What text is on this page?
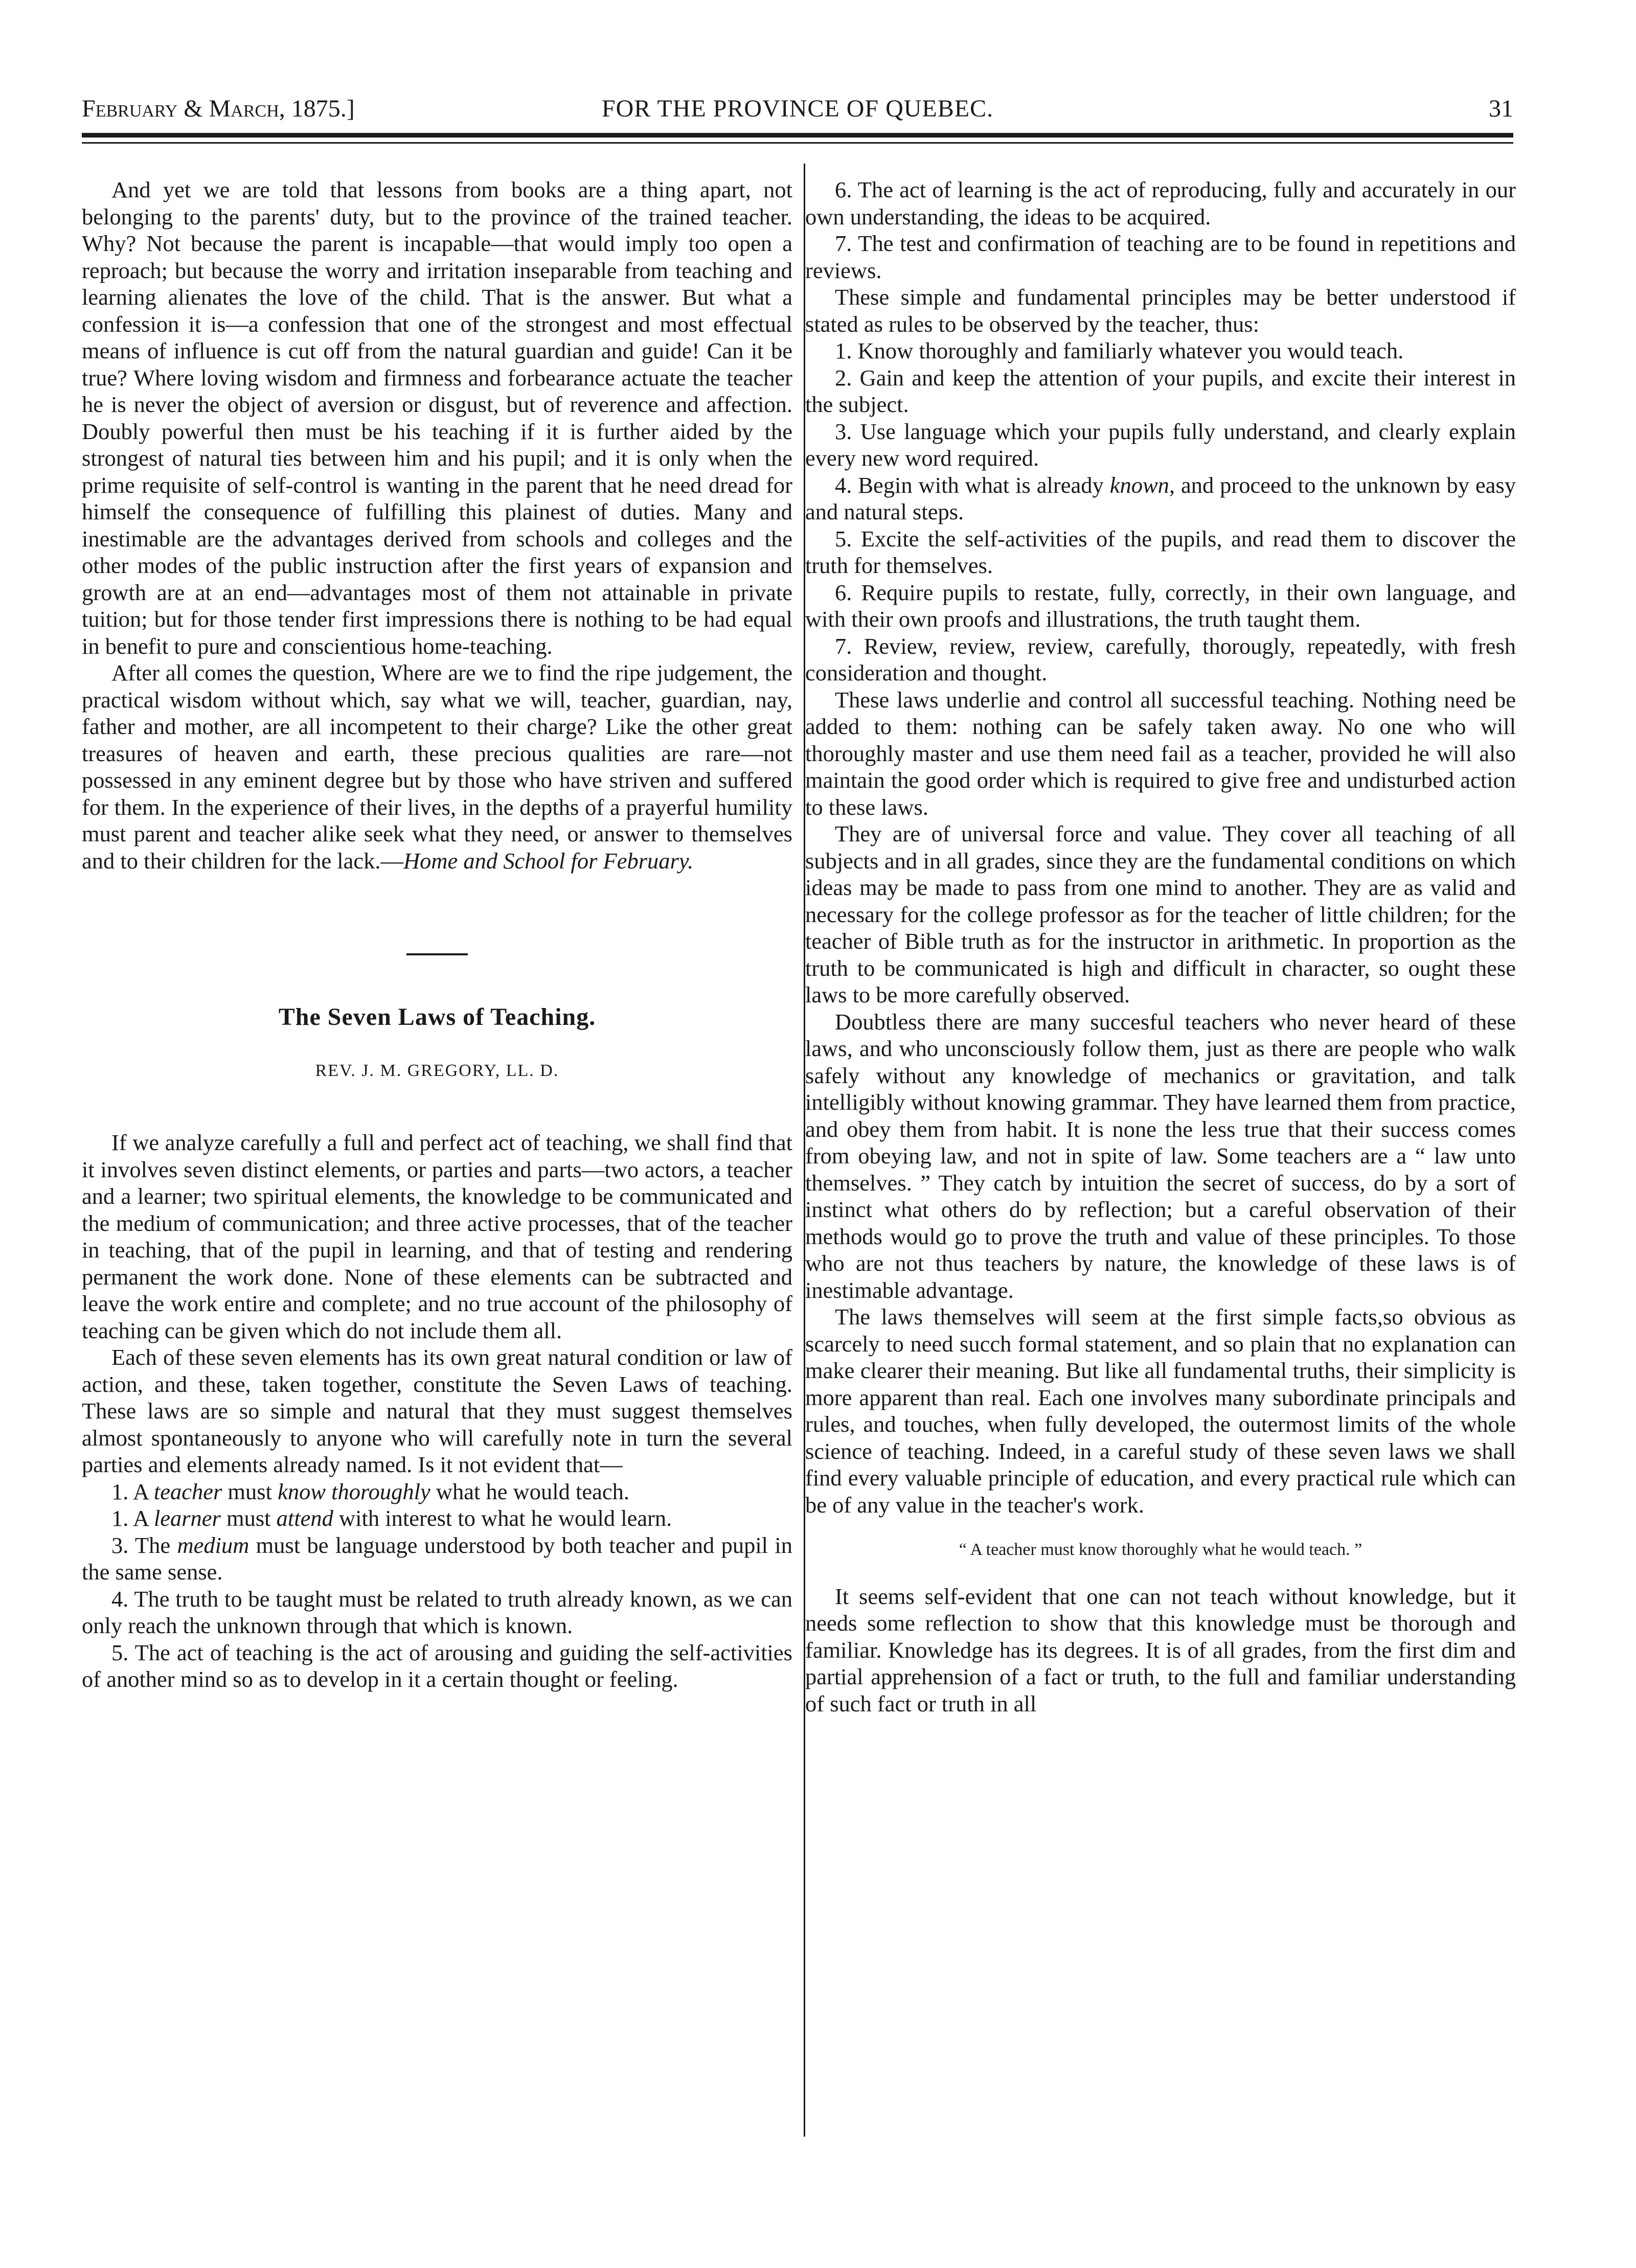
February & March, 1875.]	FOR THE PROVINCE OF QUEBEC.	31

And yet we are told that lessons from books are a thing apart, not belonging to the parents' duty, but to the province of the trained teacher. Why? Not because the parent is incapable—that would imply too open a reproach; but because the worry and irritation inseparable from teaching and learning alienates the love of the child. That is the answer. But what a confession it is—a confession that one of the strongest and most effectual means of influence is cut off from the natural guardian and guide! Can it be true? Where loving wisdom and firmness and forbearance actuate the teacher he is never the object of aversion or disgust, but of reverence and affection. Doubly powerful then must be his teaching if it is further aided by the strongest of natural ties between him and his pupil; and it is only when the prime requisite of self-control is wanting in the parent that he need dread for himself the consequence of fulfilling this plainest of duties. Many and inestimable are the advantages derived from schools and colleges and the other modes of the public instruction after the first years of expansion and growth are at an end—advantages most of them not attainable in private tuition; but for those tender first impressions there is nothing to be had equal in benefit to pure and conscientious home-teaching.

After all comes the question, Where are we to find the ripe judgement, the practical wisdom without which, say what we will, teacher, guardian, nay, father and mother, are all incompetent to their charge? Like the other great treasures of heaven and earth, these precious qualities are rare—not possessed in any eminent degree but by those who have striven and suffered for them. In the experience of their lives, in the depths of a prayerful humility must parent and teacher alike seek what they need, or answer to themselves and to their children for the lack.—Home and School for February.

The Seven Laws of Teaching.

REV. J. M. GREGORY, LL. D.

If we analyze carefully a full and perfect act of teaching, we shall find that it involves seven distinct elements, or parties and parts—two actors, a teacher and a learner; two spiritual elements, the knowledge to be communicated and the medium of communication; and three active processes, that of the teacher in teaching, that of the pupil in learning, and that of testing and rendering permanent the work done. None of these elements can be subtracted and leave the work entire and complete; and no true account of the philosophy of teaching can be given which do not include them all.

Each of these seven elements has its own great natural condition or law of action, and these, taken together, constitute the Seven Laws of teaching. These laws are so simple and natural that they must suggest themselves almost spontaneously to anyone who will carefully note in turn the several parties and elements already named. Is it not evident that—

1. A teacher must know thoroughly what he would teach.

1. A learner must attend with interest to what he would learn.

3. The medium must be language understood by both teacher and pupil in the same sense.

4. The truth to be taught must be related to truth already known, as we can only reach the unknown through that which is known.

5. The act of teaching is the act of arousing and guiding the self-activities of another mind so as to develop in it a certain thought or feeling.

6. The act of learning is the act of reproducing, fully and accurately in our own understanding, the ideas to be acquired.

7. The test and confirmation of teaching are to be found in repetitions and reviews.

These simple and fundamental principles may be better understood if stated as rules to be observed by the teacher, thus:

1. Know thoroughly and familiarly whatever you would teach.

2. Gain and keep the attention of your pupils, and excite their interest in the subject.

3. Use language which your pupils fully understand, and clearly explain every new word required.

4. Begin with what is already known, and proceed to the unknown by easy and natural steps.

5. Excite the self-activities of the pupils, and read them to discover the truth for themselves.

6. Require pupils to restate, fully, correctly, in their own language, and with their own proofs and illustrations, the truth taught them.

7. Review, review, review, carefully, thorougly, repeatedly, with fresh consideration and thought.

These laws underlie and control all successful teaching. Nothing need be added to them: nothing can be safely taken away. No one who will thoroughly master and use them need fail as a teacher, provided he will also maintain the good order which is required to give free and undisturbed action to these laws.

They are of universal force and value. They cover all teaching of all subjects and in all grades, since they are the fundamental conditions on which ideas may be made to pass from one mind to another. They are as valid and necessary for the college professor as for the teacher of little children; for the teacher of Bible truth as for the instructor in arithmetic. In proportion as the truth to be communicated is high and difficult in character, so ought these laws to be more carefully observed.

Doubtless there are many succesful teachers who never heard of these laws, and who unconsciously follow them, just as there are people who walk safely without any knowledge of mechanics or gravitation, and talk intelligibly without knowing grammar. They have learned them from practice, and obey them from habit. It is none the less true that their success comes from obeying law, and not in spite of law. Some teachers are a “ law unto themselves. ” They catch by intuition the secret of success, do by a sort of instinct what others do by reflection; but a careful observation of their methods would go to prove the truth and value of these principles. To those who are not thus teachers by nature, the knowledge of these laws is of inestimable advantage.

The laws themselves will seem at the first simple facts,so obvious as scarcely to need succh formal statement, and so plain that no explanation can make clearer their meaning. But like all fundamental truths, their simplicity is more apparent than real. Each one involves many subordinate principals and rules, and touches, when fully developed, the outermost limits of the whole science of teaching. Indeed, in a careful study of these seven laws we shall find every valuable principle of education, and every practical rule which can be of any value in the teacher's work.

“ A teacher must know thoroughly what he would teach. ”

It seems self-evident that one can not teach without knowledge, but it needs some reflection to show that this knowledge must be thorough and familiar. Knowledge has its degrees. It is of all grades, from the first dim and partial apprehension of a fact or truth, to the full and familiar understanding of such fact or truth in all
